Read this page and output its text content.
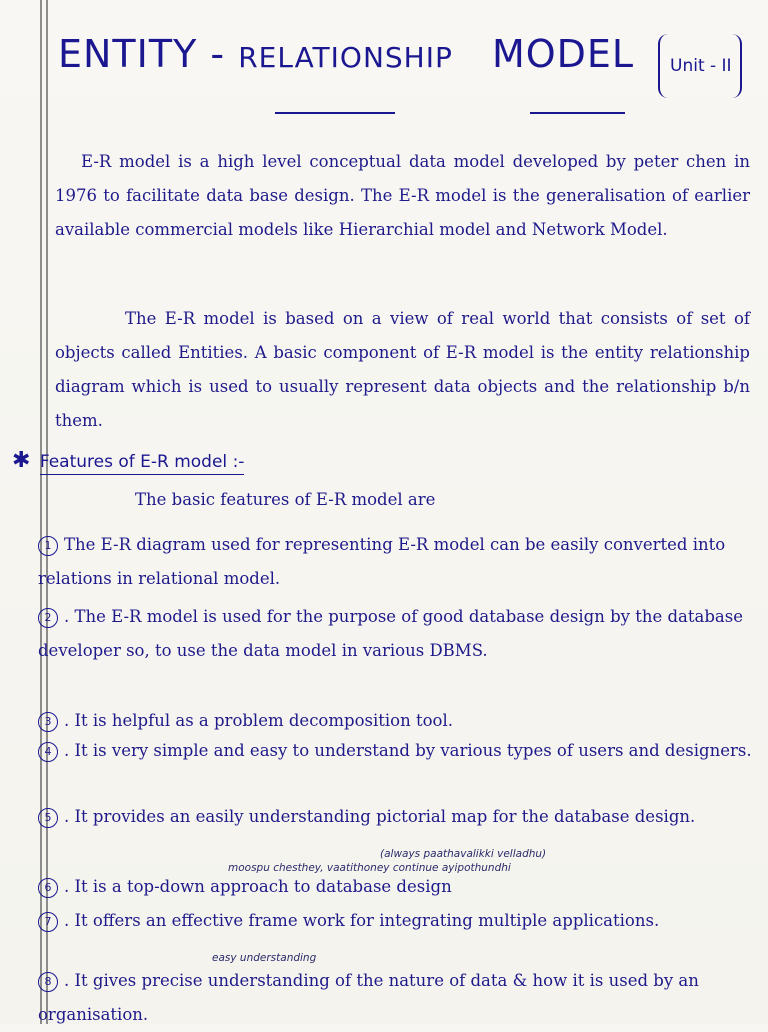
ENTITY - RELATIONSHIP MODEL	Unit - II

E-R model is a high level conceptual data model developed by peter chen in 1976 to facilitate data base design. The E-R model is the generalisation of earlier available commercial models like Hierarchial model and Network Model.

The E-R model is based on a view of real world that consists of set of objects called Entities. A basic component of E-R model is the entity relationship diagram which is used to usually represent data objects and the relationship b/n them.

✱ Features of E-R model :-
The basic features of E-R model are
1 The E-R diagram used for representing E-R model can be easily converted into relations in relational model.
2 . The E-R model is used for the purpose of good database design by the database developer so, to use the data model in various DBMS.
3 . It is helpful as a problem decomposition tool.
4 . It is very simple and easy to understand by various types of users and designers.
5 . It provides an easily understanding pictorial map for the database design.
(always paathavalikki velladhu)
moospu chesthey, vaatithoney continue ayipothundhi
6 . It is a top-down approach to database design
7 . It offers an effective frame work for integrating multiple applications.
easy understanding
8 . It gives precise understanding of the nature of data & how it is used by an organisation.
